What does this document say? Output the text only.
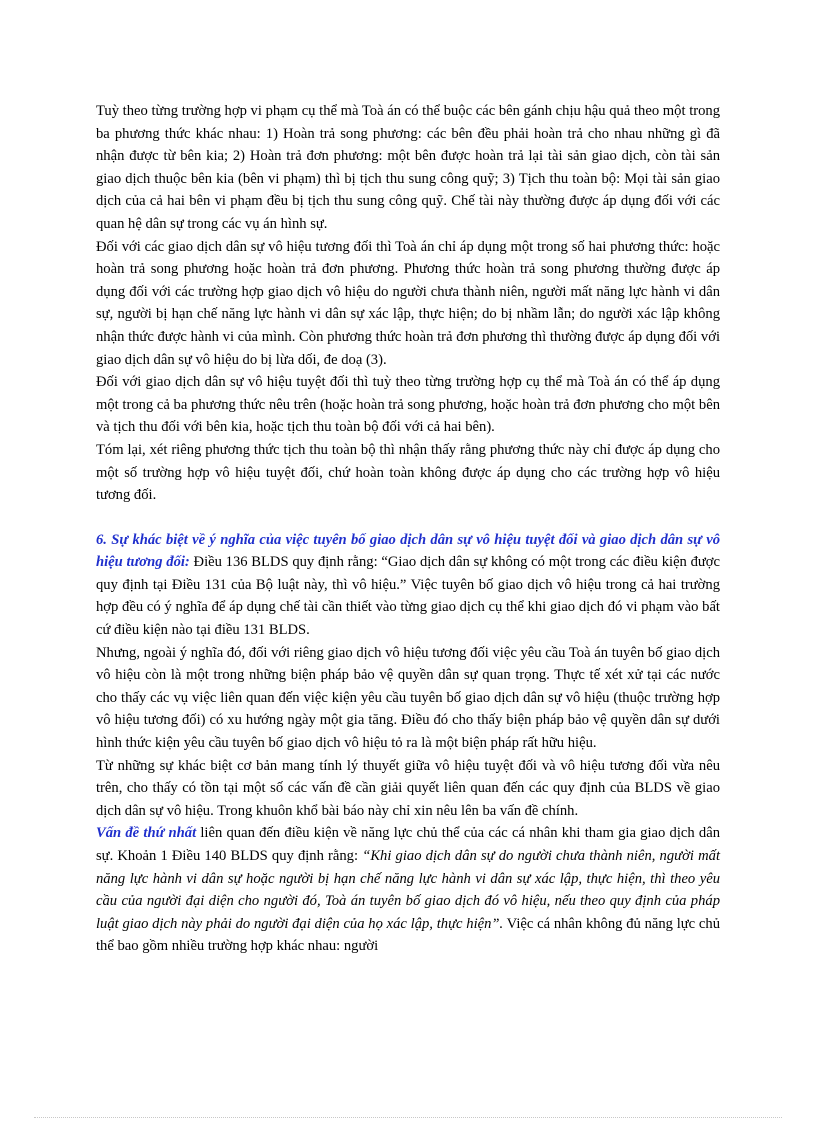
Tuỳ theo từng trường hợp vi phạm cụ thể mà Toà án có thể buộc các bên gánh chịu hậu quả theo một trong ba phương thức khác nhau: 1) Hoàn trả song phương: các bên đều phải hoàn trả cho nhau những gì đã nhận được từ bên kia; 2) Hoàn trả đơn phương: một bên được hoàn trả lại tài sản giao dịch, còn tài sản giao dịch thuộc bên kia (bên vi phạm) thì bị tịch thu sung công quỹ; 3) Tịch thu toàn bộ: Mọi tài sản giao dịch của cả hai bên vi phạm đều bị tịch thu sung công quỹ. Chế tài này thường được áp dụng đối với các quan hệ dân sự trong các vụ án hình sự.

Đối với các giao dịch dân sự vô hiệu tương đối thì Toà án chỉ áp dụng một trong số hai phương thức: hoặc hoàn trả song phương hoặc hoàn trả đơn phương. Phương thức hoàn trả song phương thường được áp dụng đối với các trường hợp giao dịch vô hiệu do người chưa thành niên, người mất năng lực hành vi dân sự, người bị hạn chế năng lực hành vi dân sự xác lập, thực hiện; do bị nhầm lẫn; do người xác lập không nhận thức được hành vi của mình. Còn phương thức hoàn trả đơn phương thì thường được áp dụng đối với giao dịch dân sự vô hiệu do bị lừa dối, đe doạ (3).

Đối với giao dịch dân sự vô hiệu tuyệt đối thì tuỳ theo từng trường hợp cụ thể mà Toà án có thể áp dụng một trong cả ba phương thức nêu trên (hoặc hoàn trả song phương, hoặc hoàn trả đơn phương cho một bên và tịch thu đối với bên kia, hoặc tịch thu toàn bộ đối với cả hai bên).

Tóm lại, xét riêng phương thức tịch thu toàn bộ thì nhận thấy rằng phương thức này chỉ được áp dụng cho một số trường hợp vô hiệu tuyệt đối, chứ hoàn toàn không được áp dụng cho các trường hợp vô hiệu tương đối.

6. Sự khác biệt về ý nghĩa của việc tuyên bố giao dịch dân sự vô hiệu tuyệt đối và giao dịch dân sự vô hiệu tương đối: Điều 136 BLDS quy định rằng: “Giao dịch dân sự không có một trong các điều kiện được quy định tại Điều 131 của Bộ luật này, thì vô hiệu.” Việc tuyên bố giao dịch vô hiệu trong cả hai trường hợp đều có ý nghĩa để áp dụng chế tài cần thiết vào từng giao dịch cụ thể khi giao dịch đó vi phạm vào bất cứ điều kiện nào tại điều 131 BLDS.

Nhưng, ngoài ý nghĩa đó, đối với riêng giao dịch vô hiệu tương đối việc yêu cầu Toà án tuyên bố giao dịch vô hiệu còn là một trong những biện pháp bảo vệ quyền dân sự quan trọng. Thực tế xét xử tại các nước cho thấy các vụ việc liên quan đến việc kiện yêu cầu tuyên bố giao dịch dân sự vô hiệu (thuộc trường hợp vô hiệu tương đối) có xu hướng ngày một gia tăng. Điều đó cho thấy biện pháp bảo vệ quyền dân sự dưới hình thức kiện yêu cầu tuyên bố giao dịch vô hiệu tỏ ra là một biện pháp rất hữu hiệu.

Từ những sự khác biệt cơ bản mang tính lý thuyết giữa vô hiệu tuyệt đối và vô hiệu tương đối vừa nêu trên, cho thấy có tồn tại một số các vấn đề cần giải quyết liên quan đến các quy định của BLDS về giao dịch dân sự vô hiệu. Trong khuôn khổ bài báo này chỉ xin nêu lên ba vấn đề chính.

Vấn đề thứ nhất liên quan đến điều kiện về năng lực chủ thể của các cá nhân khi tham gia giao dịch dân sự. Khoản 1 Điều 140 BLDS quy định rằng: “Khi giao dịch dân sự do người chưa thành niên, người mất năng lực hành vi dân sự hoặc người bị hạn chế năng lực hành vi dân sự xác lập, thực hiện, thì theo yêu cầu của người đại diện cho người đó, Toà án tuyên bố giao dịch đó vô hiệu, nếu theo quy định của pháp luật giao dịch này phải do người đại diện của họ xác lập, thực hiện”. Việc cá nhân không đủ năng lực chủ thể bao gồm nhiều trường hợp khác nhau: người
